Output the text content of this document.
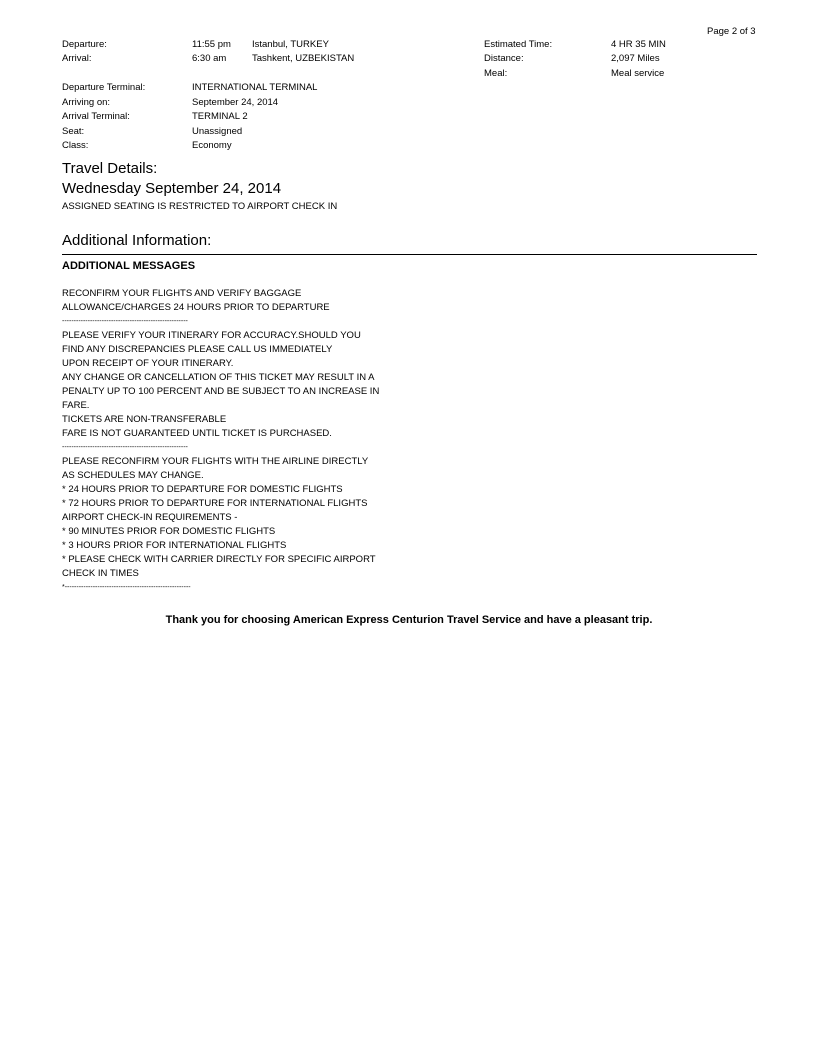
Page 2 of 3
Departure:	11:55 pm Istanbul, TURKEY	Estimated Time:	4 HR 35 MIN
Arrival:	6:30 am	Tashkent, UZBEKISTAN	Distance:	2,097 Miles
Meal:	Meal service
Departure Terminal:	INTERNATIONAL TERMINAL
Arriving on:	September 24, 2014
Arrival Terminal:	TERMINAL 2
Seat:	Unassigned
Class:	Economy
Travel Details:
Wednesday September 24, 2014
ASSIGNED SEATING IS RESTRICTED TO AIRPORT CHECK IN
Additional Information:
ADDITIONAL MESSAGES
RECONFIRM YOUR FLIGHTS AND VERIFY BAGGAGE
ALLOWANCE/CHARGES 24 HOURS PRIOR TO DEPARTURE
------------------------------------------------------
PLEASE VERIFY YOUR ITINERARY FOR ACCURACY.SHOULD YOU
FIND ANY DISCREPANCIES PLEASE CALL US IMMEDIATELY
UPON RECEIPT OF YOUR ITINERARY.
ANY CHANGE OR CANCELLATION OF THIS TICKET MAY RESULT IN A
PENALTY UP TO 100 PERCENT AND BE SUBJECT TO AN INCREASE IN
FARE.
TICKETS ARE NON-TRANSFERABLE
FARE IS NOT GUARANTEED UNTIL TICKET IS PURCHASED.
------------------------------------------------------
PLEASE RECONFIRM YOUR FLIGHTS WITH THE AIRLINE DIRECTLY
AS SCHEDULES MAY CHANGE.
* 24 HOURS PRIOR TO DEPARTURE FOR DOMESTIC FLIGHTS
* 72 HOURS PRIOR TO DEPARTURE FOR INTERNATIONAL FLIGHTS
AIRPORT CHECK-IN REQUIREMENTS -
* 90 MINUTES PRIOR FOR DOMESTIC FLIGHTS
* 3 HOURS PRIOR FOR INTERNATIONAL FLIGHTS
* PLEASE CHECK WITH CARRIER DIRECTLY FOR SPECIFIC AIRPORT
CHECK IN TIMES
*------------------------------------------------------
Thank you for choosing American Express Centurion Travel Service and have a pleasant trip.
